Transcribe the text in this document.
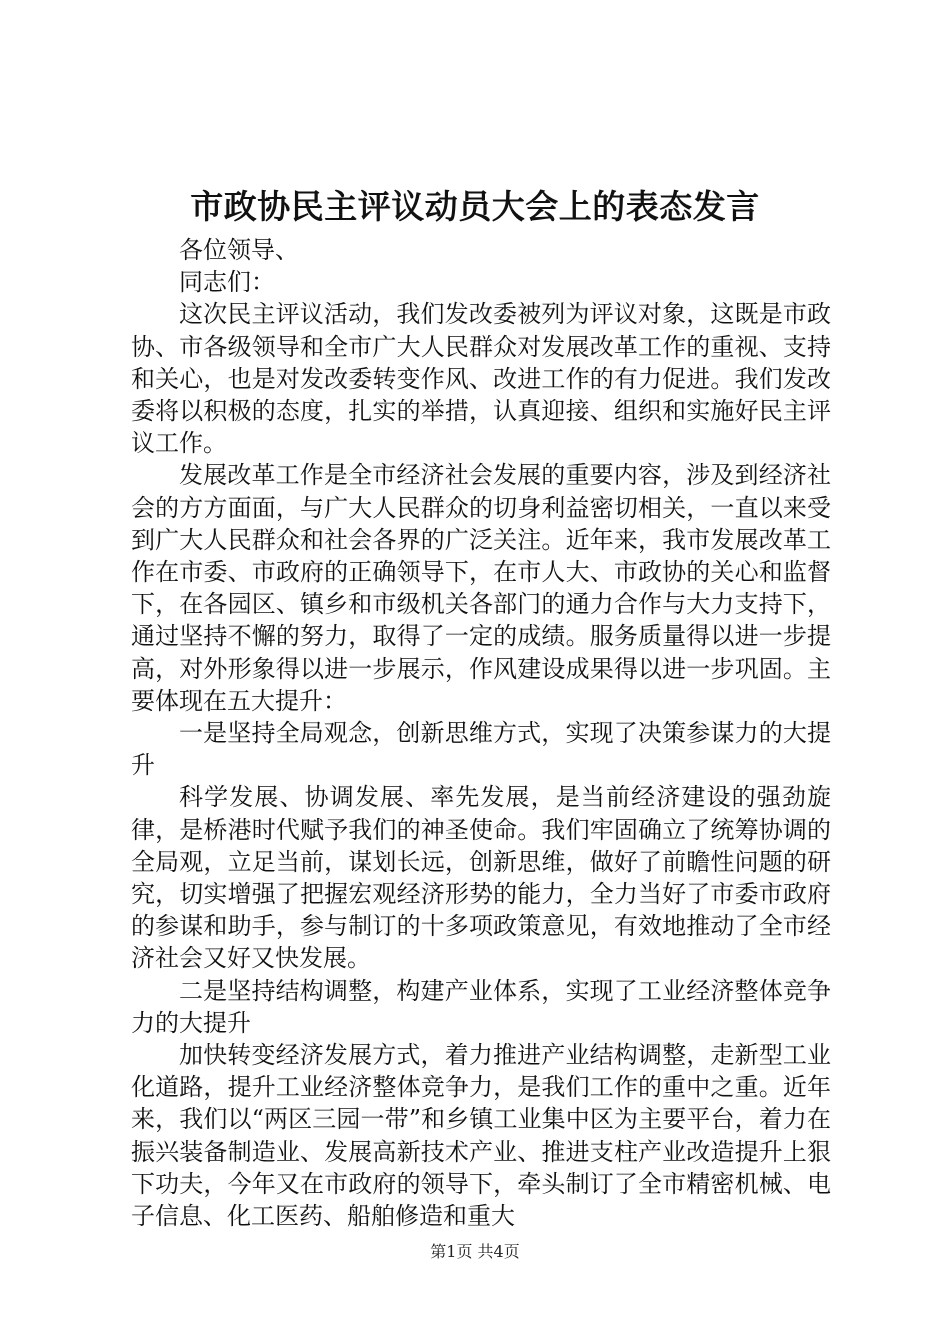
市政协民主评议动员大会上的表态发言

各位领导、

同志们：

这次民主评议活动，我们发改委被列为评议对象，这既是市政协、市各级领导和全市广大人民群众对发展改革工作的重视、支持和关心，也是对发改委转变作风、改进工作的有力促进。我们发改委将以积极的态度，扎实的举措，认真迎接、组织和实施好民主评议工作。

发展改革工作是全市经济社会发展的重要内容，涉及到经济社会的方方面面，与广大人民群众的切身利益密切相关，一直以来受到广大人民群众和社会各界的广泛关注。近年来，我市发展改革工作在市委、市政府的正确领导下，在市人大、市政协的关心和监督下，在各园区、镇乡和市级机关各部门的通力合作与大力支持下，通过坚持不懈的努力，取得了一定的成绩。服务质量得以进一步提高，对外形象得以进一步展示，作风建设成果得以进一步巩固。主要体现在五大提升：

一是坚持全局观念，创新思维方式，实现了决策参谋力的大提升

科学发展、协调发展、率先发展，是当前经济建设的强劲旋律，是桥港时代赋予我们的神圣使命。我们牢固确立了统筹协调的全局观，立足当前，谋划长远，创新思维，做好了前瞻性问题的研究，切实增强了把握宏观经济形势的能力，全力当好了市委市政府的参谋和助手，参与制订的十多项政策意见，有效地推动了全市经济社会又好又快发展。

二是坚持结构调整，构建产业体系，实现了工业经济整体竞争力的大提升

加快转变经济发展方式，着力推进产业结构调整，走新型工业化道路，提升工业经济整体竞争力，是我们工作的重中之重。近年来，我们以“两区三园一带”和乡镇工业集中区为主要平台，着力在振兴装备制造业、发展高新技术产业、推进支柱产业改造提升上狠下功夫，今年又在市政府的领导下，牵头制订了全市精密机械、电子信息、化工医药、船舶修造和重大

第1页 共4页
